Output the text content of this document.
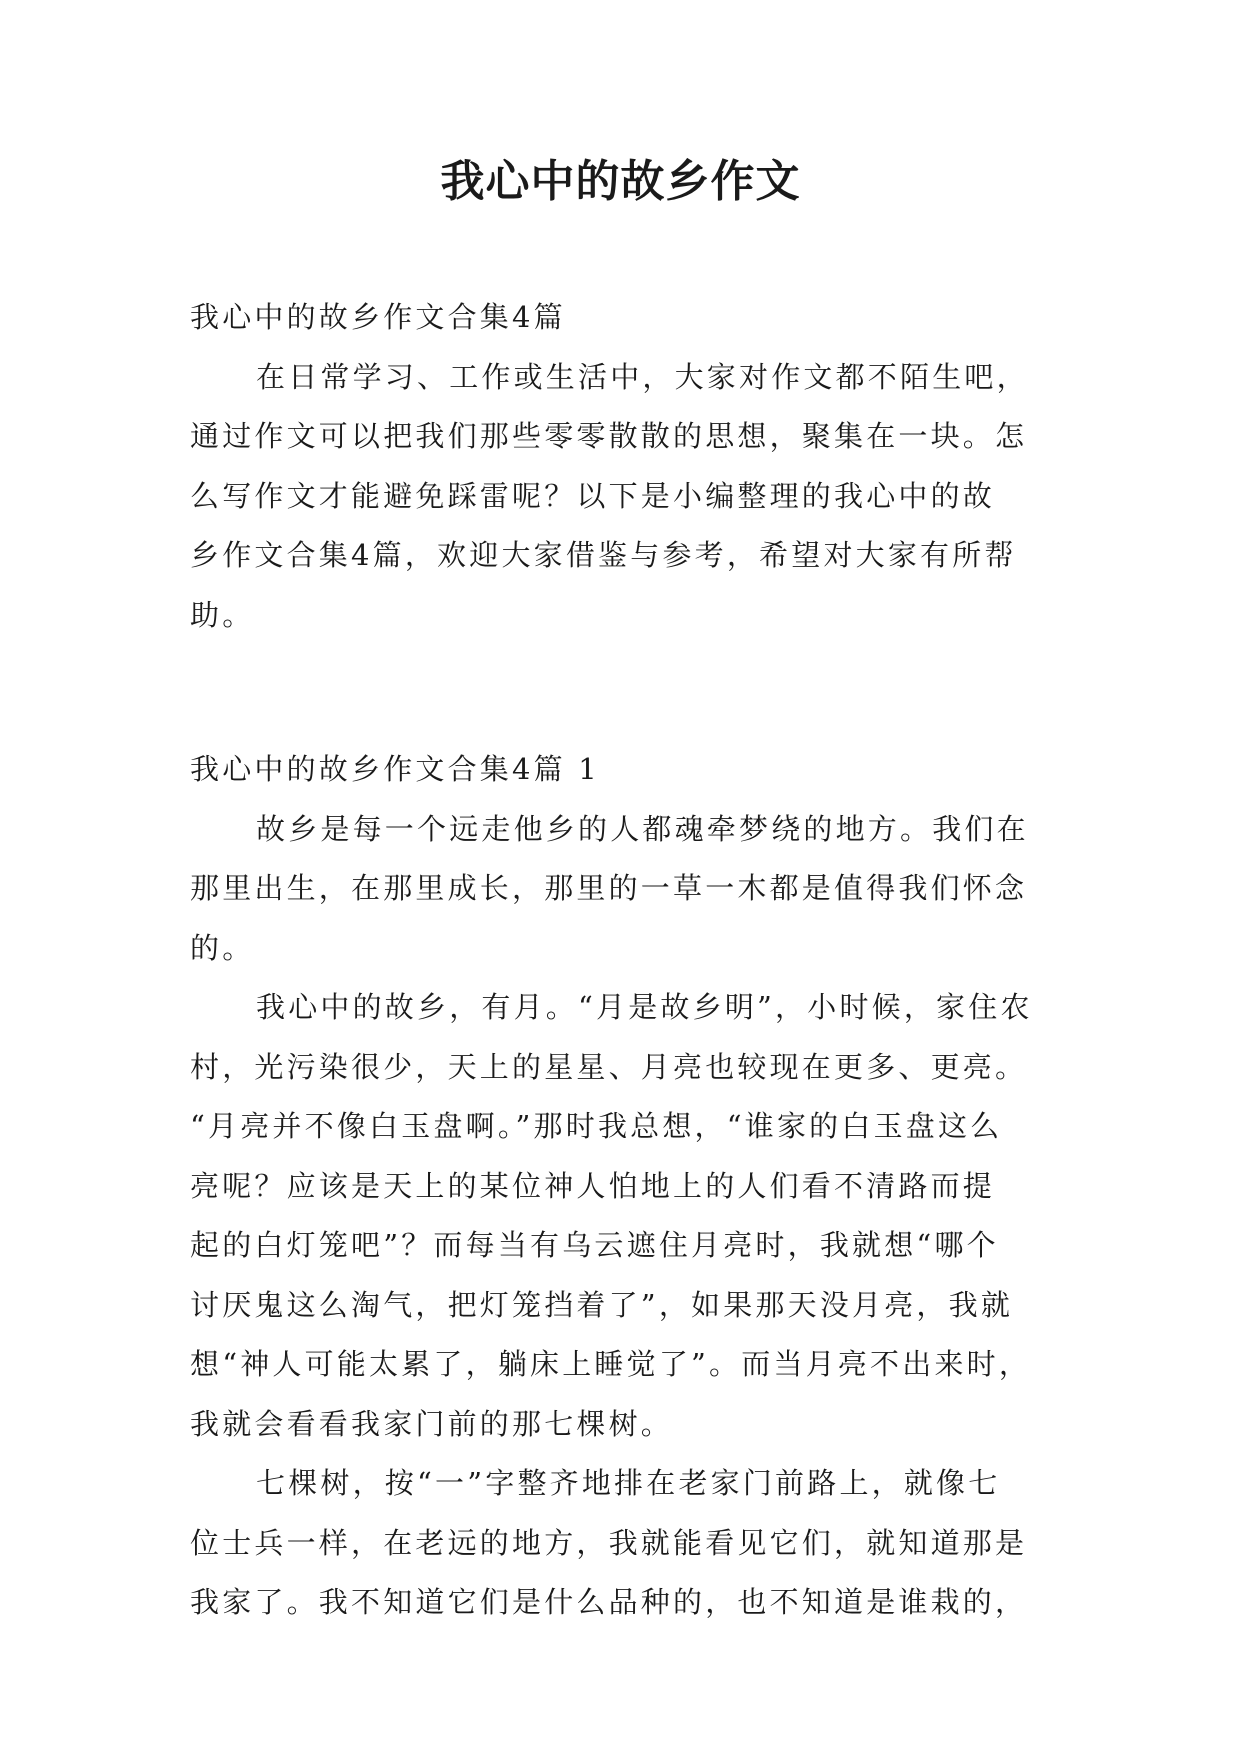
我心中的故乡作文
我心中的故乡作文合集4篇
在日常学习、工作或生活中，大家对作文都不陌生吧，
通过作文可以把我们那些零零散散的思想，聚集在一块。怎
么写作文才能避免踩雷呢？以下是小编整理的我心中的故
乡作文合集4篇，欢迎大家借鉴与参考，希望对大家有所帮
助。
我心中的故乡作文合集4篇 1
故乡是每一个远走他乡的人都魂牵梦绕的地方。我们在
那里出生，在那里成长，那里的一草一木都是值得我们怀念
的。
我心中的故乡，有月。“月是故乡明”，小时候，家住农
村，光污染很少，天上的星星、月亮也较现在更多、更亮。
“月亮并不像白玉盘啊。”那时我总想，“谁家的白玉盘这么
亮呢？应该是天上的某位神人怕地上的人们看不清路而提
起的白灯笼吧”？而每当有乌云遮住月亮时，我就想“哪个
讨厌鬼这么淘气，把灯笼挡着了”，如果那天没月亮，我就
想“神人可能太累了，躺床上睡觉了”。而当月亮不出来时，
我就会看看我家门前的那七棵树。
七棵树，按“一”字整齐地排在老家门前路上，就像七
位士兵一样，在老远的地方，我就能看见它们，就知道那是
我家了。我不知道它们是什么品种的，也不知道是谁栽的，
